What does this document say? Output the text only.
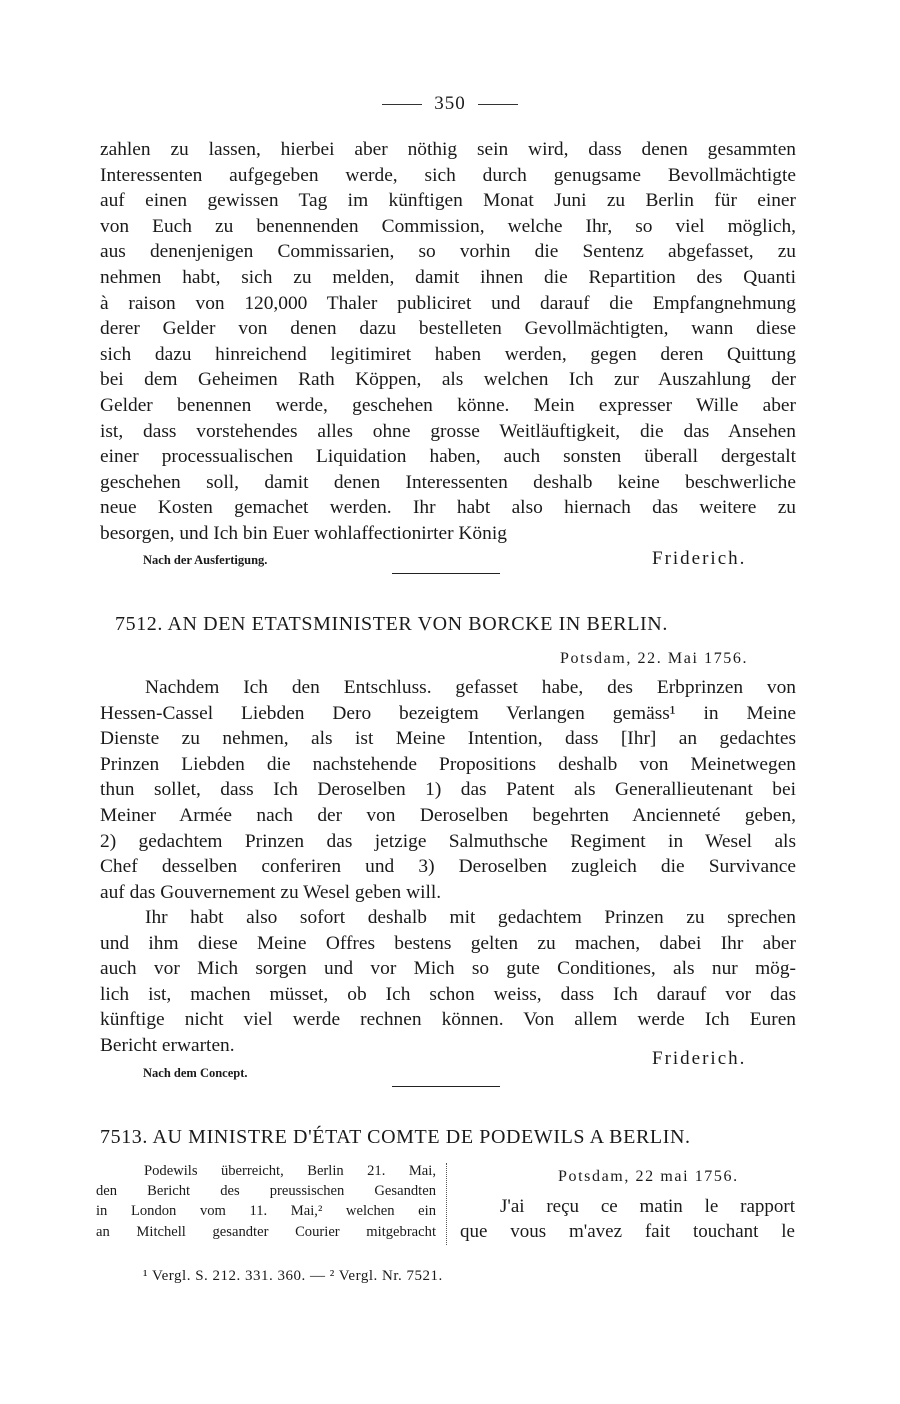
350
zahlen zu lassen, hierbei aber nöthig sein wird, dass denen gesammten
Interessenten aufgegeben werde, sich durch genugsame Bevollmächtigte
auf einen gewissen Tag im künftigen Monat Juni zu Berlin für einer
von Euch zu benennenden Commission, welche Ihr, so viel möglich,
aus denenjenigen Commissarien, so vorhin die Sentenz abgefasset, zu
nehmen habt, sich zu melden, damit ihnen die Repartition des Quanti
à raison von 120,000 Thaler publiciret und darauf die Empfangnehmung
derer Gelder von denen dazu bestelleten Gevollmächtigten, wann diese
sich dazu hinreichend legitimiret haben werden, gegen deren Quittung
bei dem Geheimen Rath Köppen, als welchen Ich zur Auszahlung der
Gelder benennen werde, geschehen könne. Mein expresser Wille aber
ist, dass vorstehendes alles ohne grosse Weitläuftigkeit, die das Ansehen
einer processualischen Liquidation haben, auch sonsten überall dergestalt
geschehen soll, damit denen Interessenten deshalb keine beschwerliche
neue Kosten gemachet werden. Ihr habt also hiernach das weitere zu
besorgen, und Ich bin Euer wohlaffectionirter König
Nach der Ausfertigung.	Friderich.
7512. AN DEN ETATSMINISTER VON BORCKE IN BERLIN.
Potsdam, 22. Mai 1756.
Nachdem Ich den Entschluss. gefasset habe, des Erbprinzen von
Hessen-Cassel Liebden Dero bezeigtem Verlangen gemäss¹ in Meine
Dienste zu nehmen, als ist Meine Intention, dass [Ihr] an gedachtes
Prinzen Liebden die nachstehende Propositions deshalb von Meinetwegen
thun sollet, dass Ich Deroselben 1) das Patent als Generallieutenant bei
Meiner Armée nach der von Deroselben begehrten Ancienneté geben,
2) gedachtem Prinzen das jetzige Salmuthsche Regiment in Wesel als
Chef desselben conferiren und 3) Deroselben zugleich die Survivance
auf das Gouvernement zu Wesel geben will.
Ihr habt also sofort deshalb mit gedachtem Prinzen zu sprechen
und ihm diese Meine Offres bestens gelten zu machen, dabei Ihr aber
auch vor Mich sorgen und vor Mich so gute Conditiones, als nur mög-
lich ist, machen müsset, ob Ich schon weiss, dass Ich darauf vor das
künftige nicht viel werde rechnen können. Von allem werde Ich Euren
Bericht erwarten.
Friderich.
Nach dem Concept.
7513. AU MINISTRE D'ÉTAT COMTE DE PODEWILS A BERLIN.
Podewils überreicht, Berlin 21. Mai,
den Bericht des preussischen Gesandten
in London vom 11. Mai,² welchen ein
an Mitchell gesandter Courier mitgebracht
Potsdam, 22 mai 1756.
J'ai reçu ce matin le rapport
que vous m'avez fait touchant le
¹ Vergl. S. 212. 331. 360. — ² Vergl. Nr. 7521.
